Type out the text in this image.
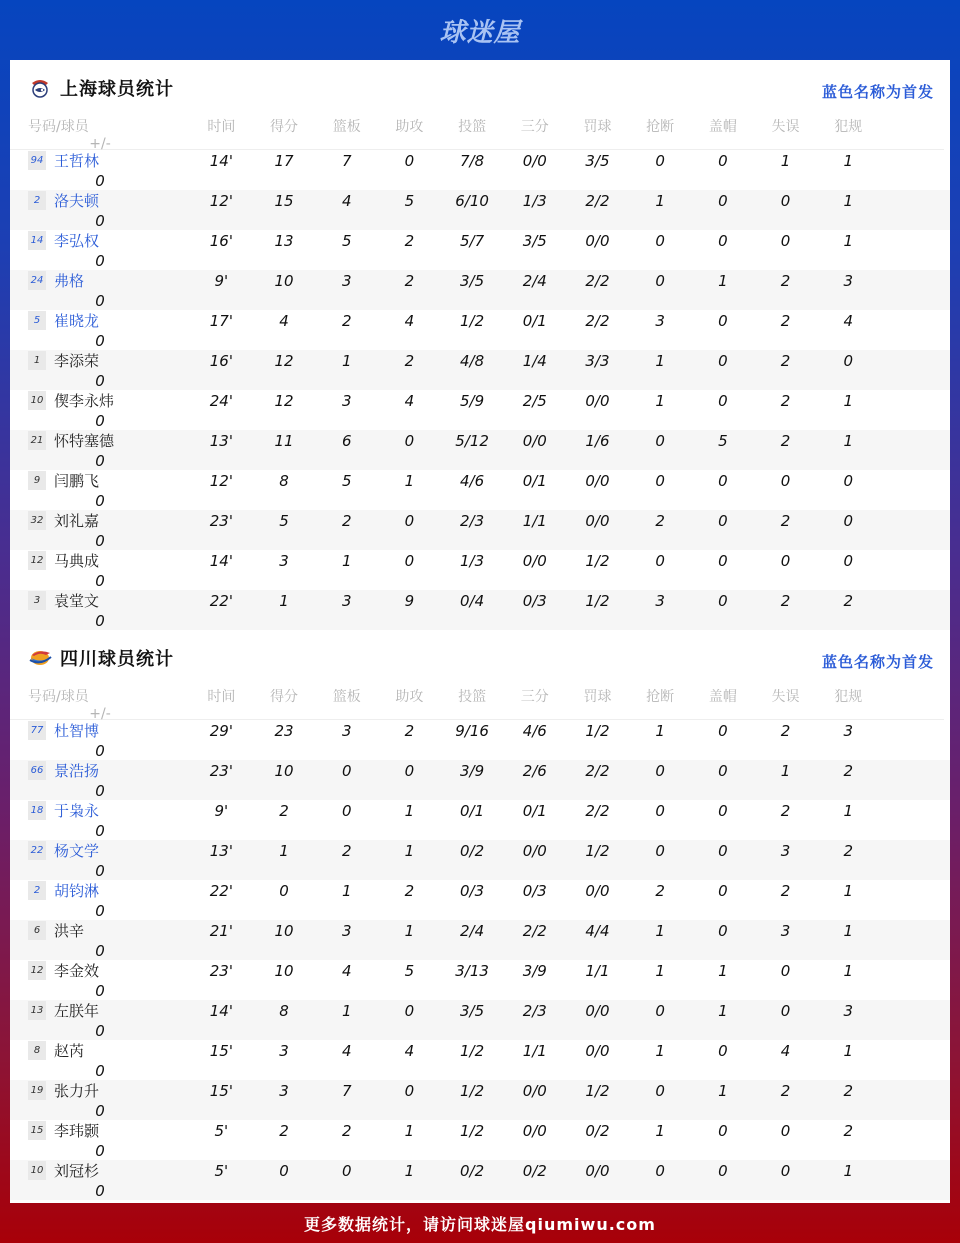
球迷屋
上海球员统计	蓝色名称为首发
号码/球员	时间	得分	篮板	助攻	投篮	三分	罚球	抢断	盖帽	失误	犯规
+/-
94 王哲林	14'	17	7	0	7/8	0/0	3/5	0	0	1	1
0
2 洛夫顿	12'	15	4	5	6/10	1/3	2/2	1	0	0	1
0
14 李弘权	16'	13	5	2	5/7	3/5	0/0	0	0	0	1
0
24 弗格	9'	10	3	2	3/5	2/4	2/2	0	1	2	3
0
5 崔晓龙	17'	4	2	4	1/2	0/1	2/2	3	0	2	4
0
1 李添荣	16'	12	1	2	4/8	1/4	3/3	1	0	2	0
0
10 偰李永炜	24'	12	3	4	5/9	2/5	0/0	1	0	2	1
0
21 怀特塞德	13'	11	6	0	5/12	0/0	1/6	0	5	2	1
0
9 闫鹏飞	12'	8	5	1	4/6	0/1	0/0	0	0	0	0
0
32 刘礼嘉	23'	5	2	0	2/3	1/1	0/0	2	0	2	0
0
12 马典成	14'	3	1	0	1/3	0/0	1/2	0	0	0	0
0
3 袁堂文	22'	1	3	9	0/4	0/3	1/2	3	0	2	2
0
四川球员统计	蓝色名称为首发
号码/球员	时间	得分	篮板	助攻	投篮	三分	罚球	抢断	盖帽	失误	犯规
+/-
77 杜智博	29'	23	3	2	9/16	4/6	1/2	1	0	2	3
0
66 景浩扬	23'	10	0	0	3/9	2/6	2/2	0	0	1	2
0
18 于枭永	9'	2	0	1	0/1	0/1	2/2	0	0	2	1
0
22 杨文学	13'	1	2	1	0/2	0/0	1/2	0	0	3	2
0
2 胡钧淋	22'	0	1	2	0/3	0/3	0/0	2	0	2	1
0
6 洪辛	21'	10	3	1	2/4	2/2	4/4	1	0	3	1
0
12 李金效	23'	10	4	5	3/13	3/9	1/1	1	1	0	1
0
13 左朕年	14'	8	1	0	3/5	2/3	0/0	0	1	0	3
0
8 赵芮	15'	3	4	4	1/2	1/1	0/0	1	0	4	1
0
19 张力升	15'	3	7	0	1/2	0/0	1/2	0	1	2	2
0
15 李玮颢	5'	2	2	1	1/2	0/0	0/2	1	0	0	2
0
10 刘冠杉	5'	0	0	1	0/2	0/2	0/0	0	0	0	1
0
更多数据统计，请访问球迷屋qiumiwu.com
